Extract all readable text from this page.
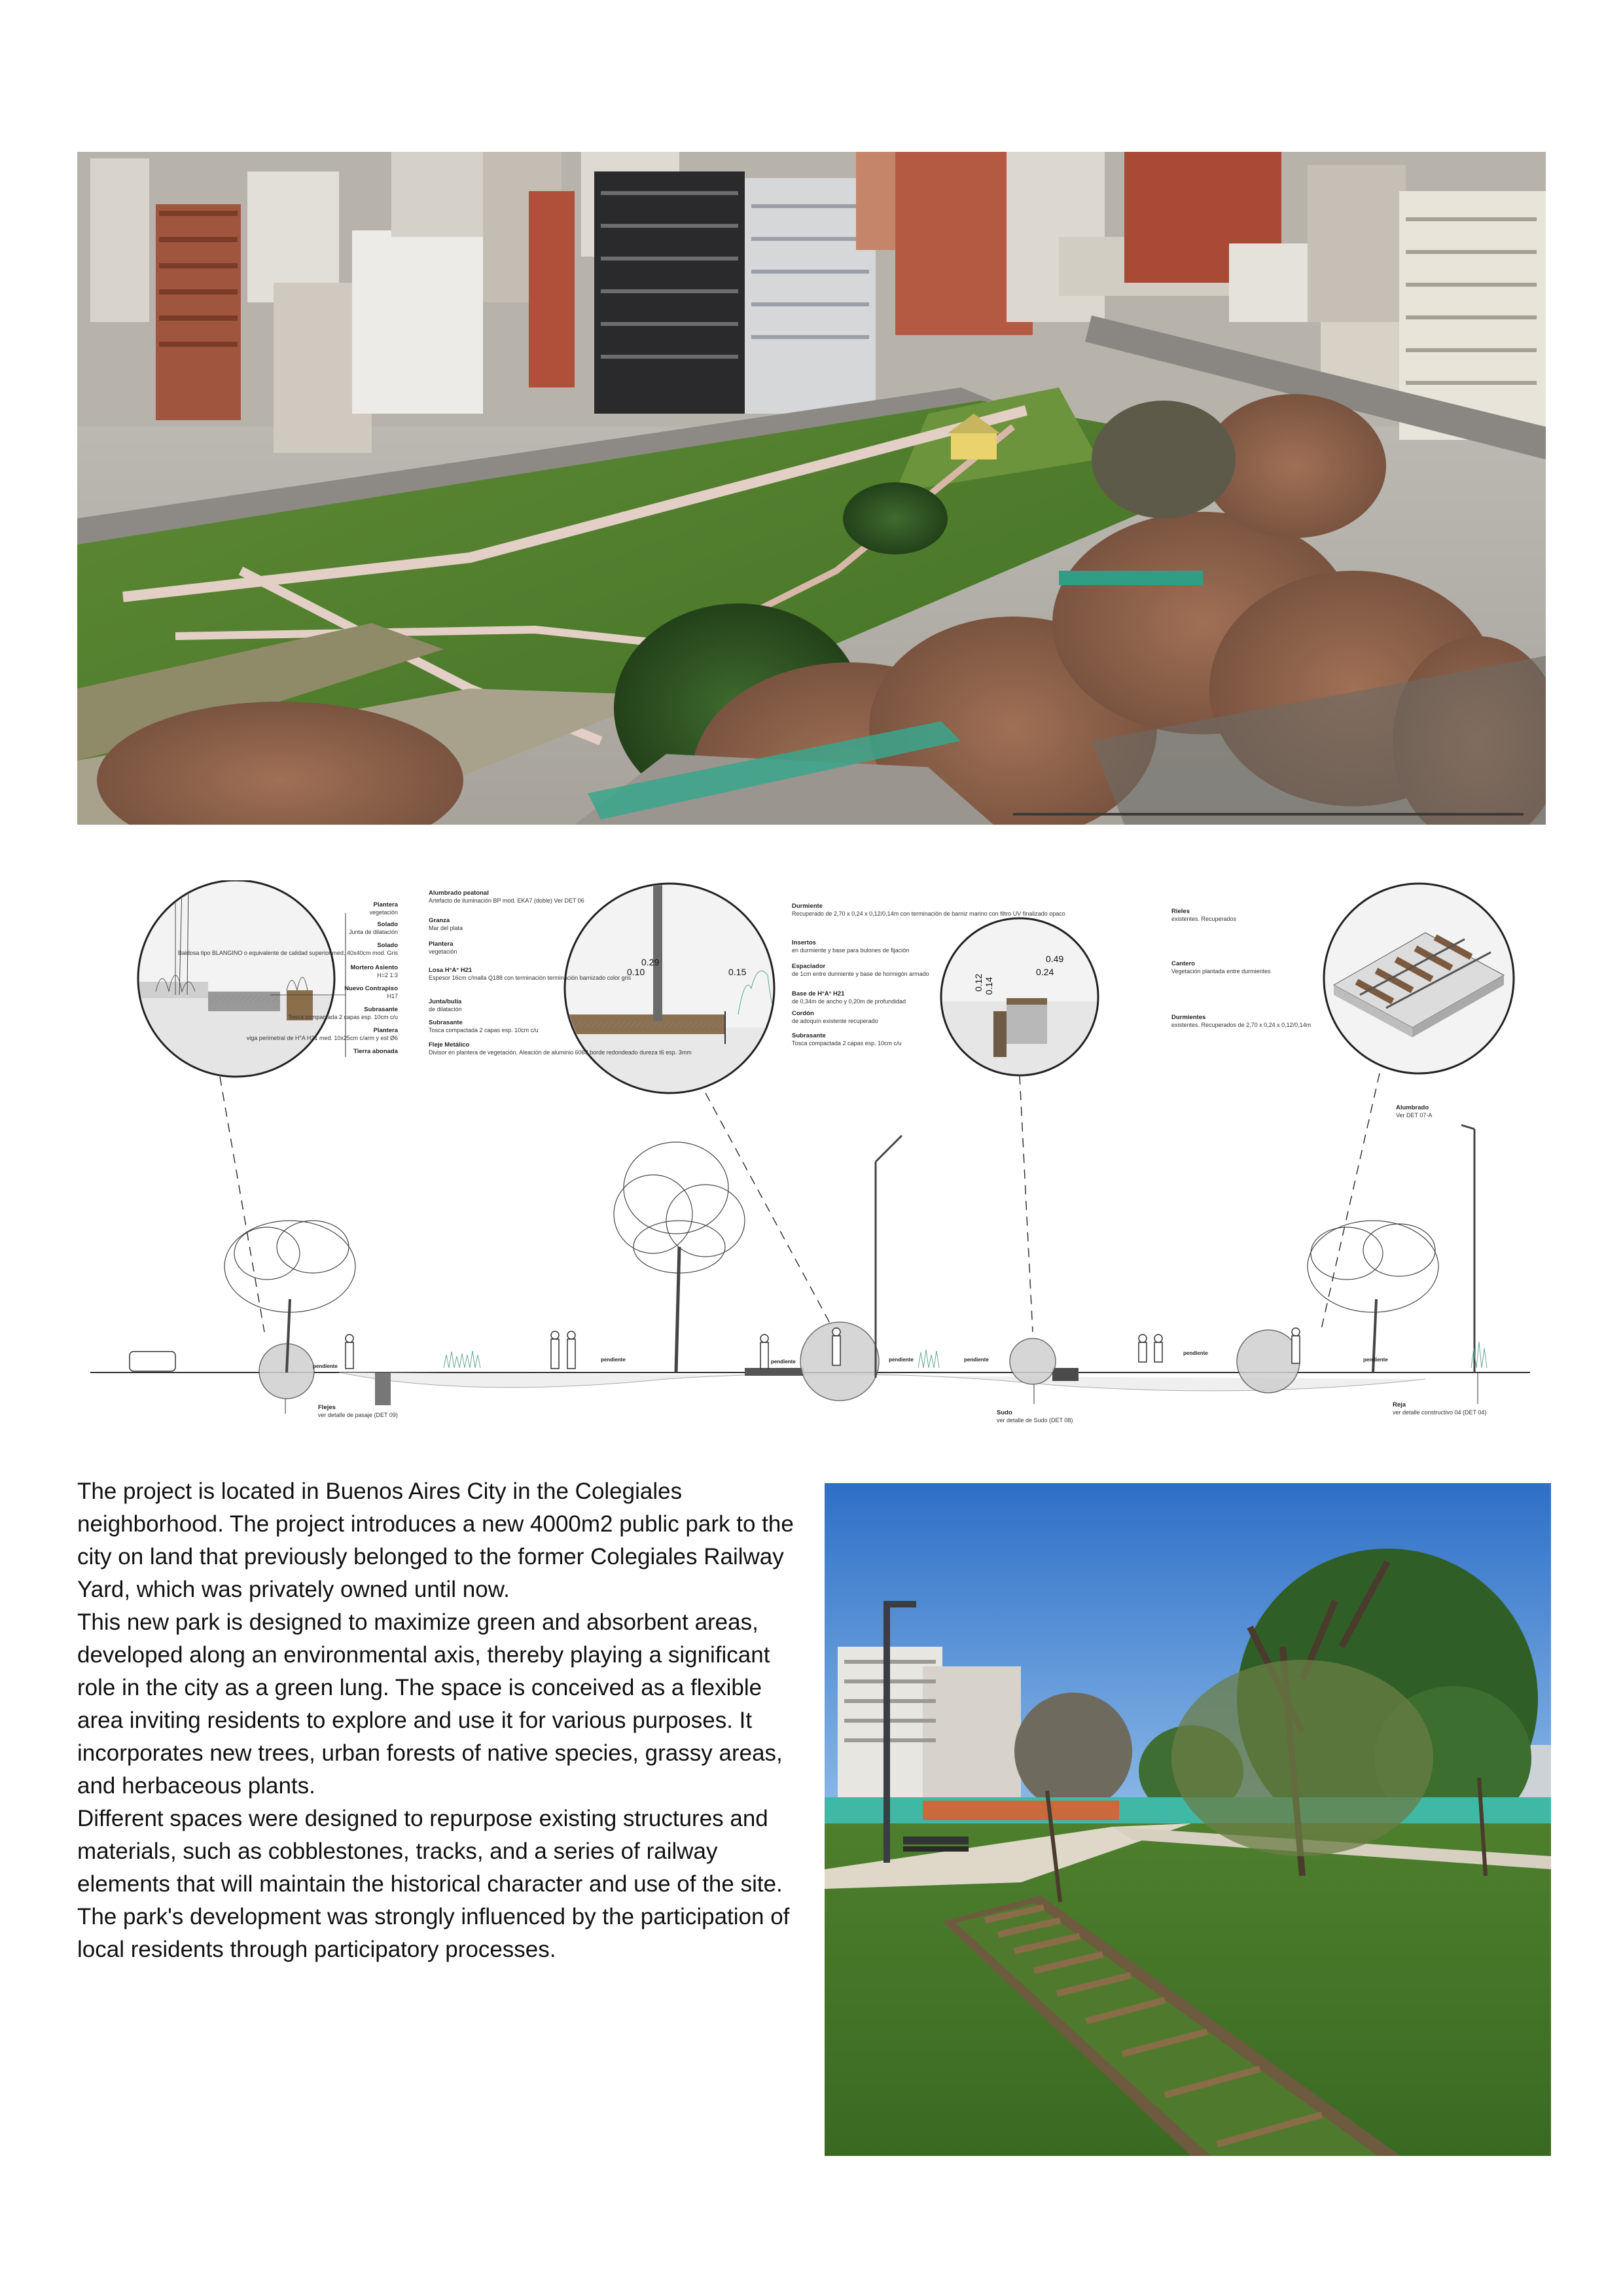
Plantera
vegetación
Solado
Junta de dilatación
Solado
Baldosa tipo BLANGINO o equivalente de calidad superior med. 40x40cm mod. Gris
Mortero Asiento
H=2 1:3
Nuevo Contrapiso
H17
Subrasante
Tosca compactada 2 capas esp. 10cm c/u
Plantera
viga perimetral de H°A H21 med. 10x25cm c/arm y est Ø6
Tierra abonada
0.29
0.10	0.15
Alumbrado peatonal
Artefacto de iluminación BP mod. EKA7 (doble) Ver DET 06
Granza
Mar del plata
Plantera
vegetación
Losa H°A° H21
Espesor 16cm c/malla Q188 con terminación terminación barnizado color gris
Junta/bulía
de dilatación
Subrasante
Tosca compactada 2 capas esp. 10cm c/u
Fleje Metálico
Divisor en plantera de vegetación. Aleación de aluminio 6063 borde redondeado dureza t6 esp. 3mm
0.49
0.24
0.12 0.14
Durmiente
Recuperado de 2,70 x 0,24 x 0,12/0,14m con terminación de barniz marino con filtro UV finalizado opaco
Insertos
en durmiente y base para bulones de fijación
Espaciador
de 1cm entre durmiente y base de hormigón armado
Base de H°A° H21
de 0,34m de ancho y 0,20m de profundidad
Cordón
de adoquín existente recuperado
Subrasante
Tosca compactada 2 capas esp. 10cm c/u
Rieles
existentes. Recuperados
Cantero
Vegetación plantada entre durmientes
Durmientes
existentes. Recuperados de 2,70 x 0,24 x 0,12/0,14m
pendiente
pendiente	pendiente	pendiente	pendiente
pendiente
pendiente
Flejes
ver detalle de pasaje (DET 09)	Sudo
ver detalle de Sudo (DET 08)
Reja
ver detalle constructivo 04 (DET 04)
Alumbrado
Ver DET 07-A

The project is located in Buenos Aires City in the Colegiales neighborhood. The project introduces a new 4000m2 public park to the city on land that previously belonged to the former Colegiales Railway Yard, which was privately owned until now.

This new park is designed to maximize green and absorbent areas, developed along an environmental axis, thereby playing a significant role in the city as a green lung. The space is conceived as a flexible area inviting residents to explore and use it for various purposes. It incorporates new trees, urban forests of native species, grassy areas, and herbaceous plants.

Different spaces were designed to repurpose existing structures and materials, such as cobblestones, tracks, and a series of railway elements that will maintain the historical character and use of the site.

The park's development was strongly influenced by the participation of local residents through participatory processes.
